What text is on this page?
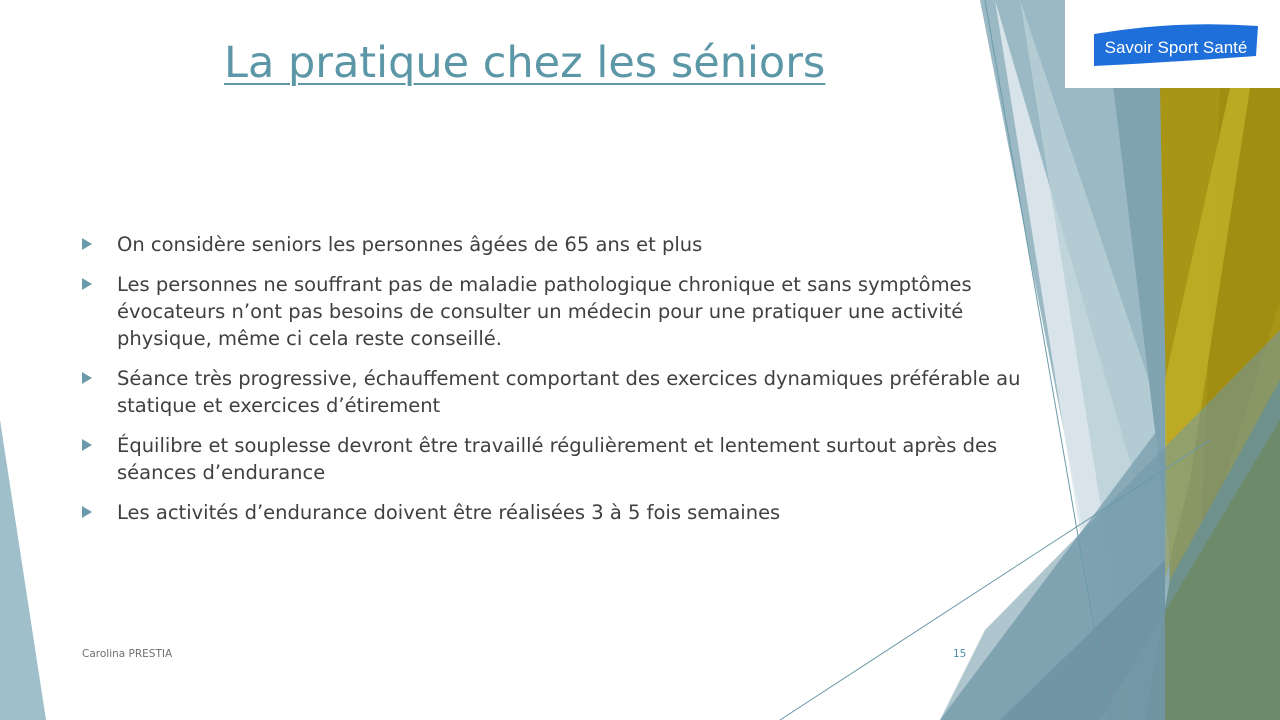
La pratique chez les séniors	Savoir Sport Santé
On considère seniors les personnes âgées de 65 ans et plus
Les personnes ne souffrant pas de maladie pathologique chronique et sans symptômes évocateurs n’ont pas besoins de consulter un médecin pour une pratiquer une activité physique, même ci cela reste conseillé.
Séance très progressive, échauffement comportant des exercices dynamiques préférable au statique et exercices d’étirement
Équilibre et souplesse devront être travaillé régulièrement et lentement surtout après des séances d’endurance
Les activités d’endurance doivent être réalisées 3 à 5 fois semaines
Carolina PRESTIA	15
